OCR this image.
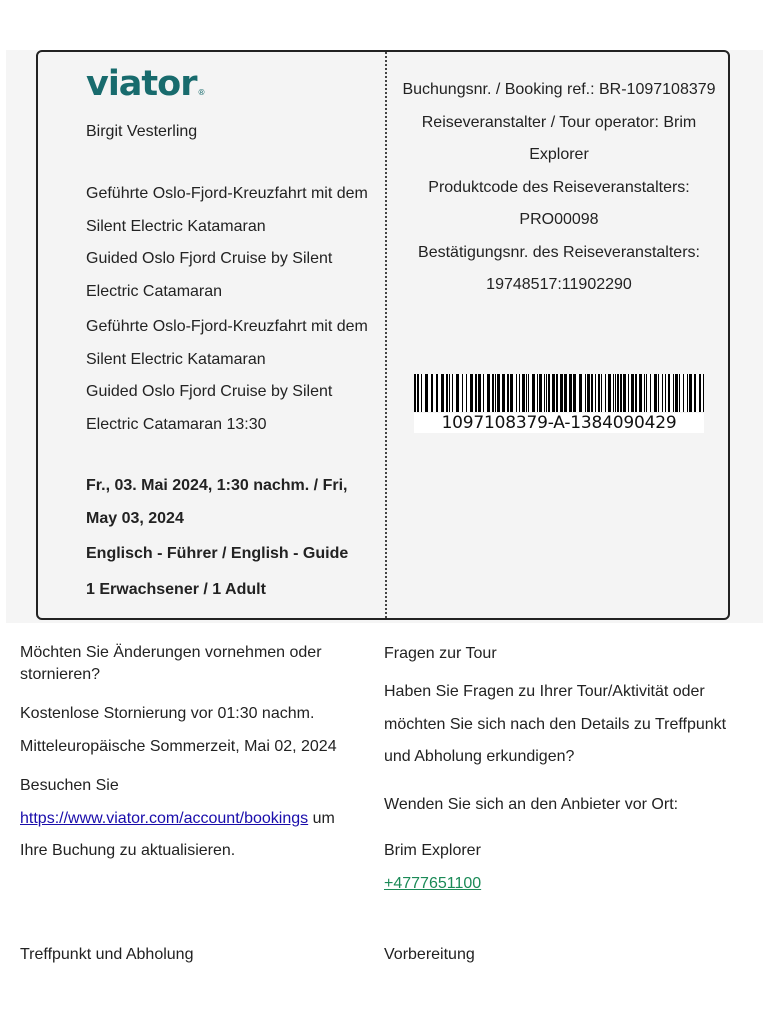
viator®
Birgit Vesterling
Geführte Oslo-Fjord-Kreuzfahrt mit dem Silent Electric Katamaran
Guided Oslo Fjord Cruise by Silent Electric Catamaran
Geführte Oslo-Fjord-Kreuzfahrt mit dem Silent Electric Katamaran
Guided Oslo Fjord Cruise by Silent Electric Catamaran 13:30
Fr., 03. Mai 2024, 1:30 nachm. / Fri, May 03, 2024
Englisch - Führer / English - Guide
1 Erwachsener / 1 Adult
Buchungsnr. / Booking ref.: BR-1097108379
Reiseveranstalter / Tour operator: Brim Explorer
Produktcode des Reiseveranstalters:
PRO00098
Bestätigungsnr. des Reiseveranstalters:
19748517:11902290
1097108379-A-1384090429
Möchten Sie Änderungen vornehmen oder stornieren?
Kostenlose Stornierung vor 01:30 nachm.
Mitteleuropäische Sommerzeit, Mai 02, 2024
Besuchen Sie
https://www.viator.com/account/bookings um
Ihre Buchung zu aktualisieren.
Fragen zur Tour
Haben Sie Fragen zu Ihrer Tour/Aktivität oder möchten Sie sich nach den Details zu Treffpunkt und Abholung erkundigen?
Wenden Sie sich an den Anbieter vor Ort:
Brim Explorer
+4777651100
Treffpunkt und Abholung	Vorbereitung
